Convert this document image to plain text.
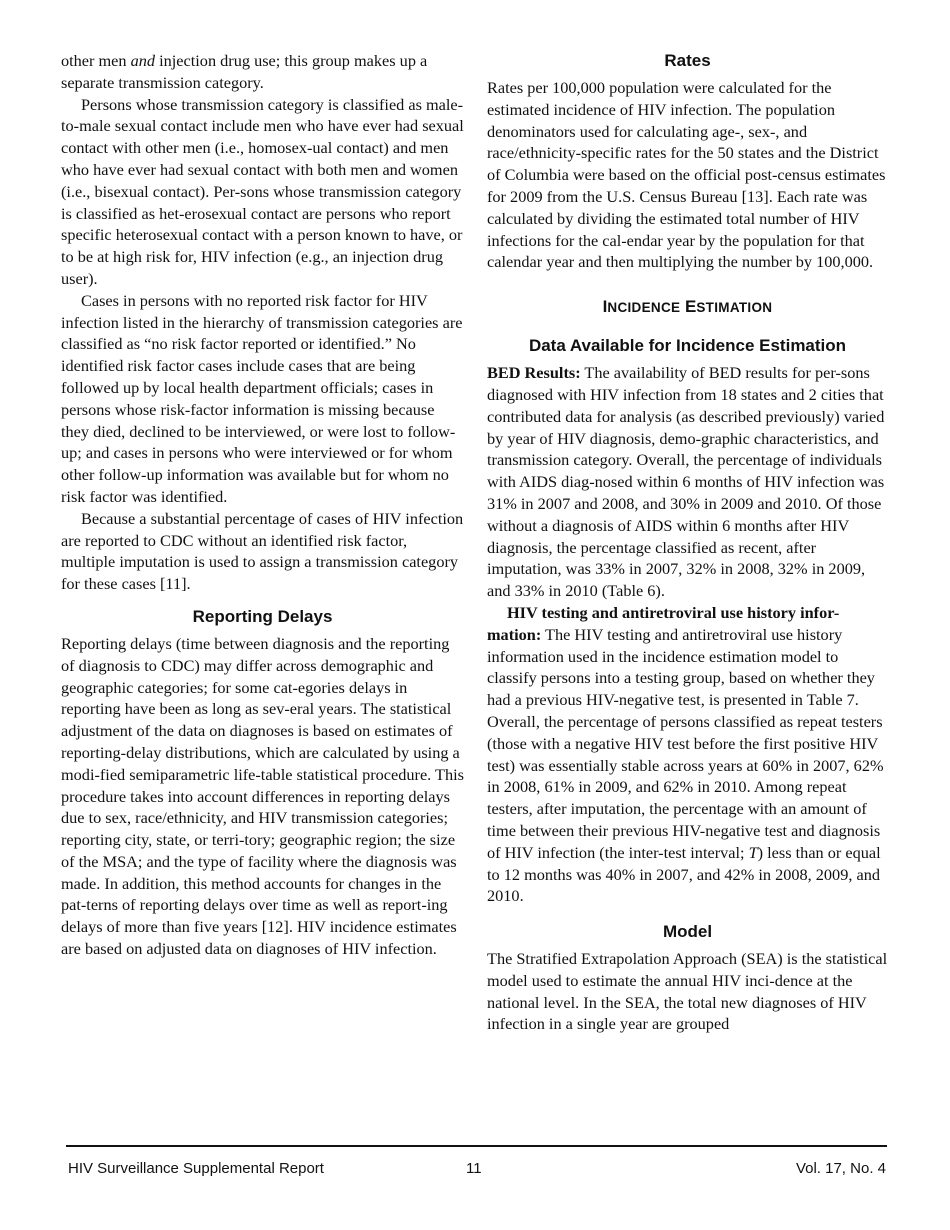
other men and injection drug use; this group makes up a separate transmission category.

Persons whose transmission category is classified as male-to-male sexual contact include men who have ever had sexual contact with other men (i.e., homosex-ual contact) and men who have ever had sexual contact with both men and women (i.e., bisexual contact). Per-sons whose transmission category is classified as het-erosexual contact are persons who report specific heterosexual contact with a person known to have, or to be at high risk for, HIV infection (e.g., an injection drug user).

Cases in persons with no reported risk factor for HIV infection listed in the hierarchy of transmission categories are classified as “no risk factor reported or identified.” No identified risk factor cases include cases that are being followed up by local health department officials; cases in persons whose risk-factor information is missing because they died, declined to be interviewed, or were lost to follow-up; and cases in persons who were interviewed or for whom other follow-up information was available but for whom no risk factor was identified.

Because a substantial percentage of cases of HIV infection are reported to CDC without an identified risk factor, multiple imputation is used to assign a transmission category for these cases [11].

Reporting Delays

Reporting delays (time between diagnosis and the reporting of diagnosis to CDC) may differ across demographic and geographic categories; for some cat-egories delays in reporting have been as long as sev-eral years. The statistical adjustment of the data on diagnoses is based on estimates of reporting-delay distributions, which are calculated by using a modi-fied semiparametric life-table statistical procedure. This procedure takes into account differences in reporting delays due to sex, race/ethnicity, and HIV transmission categories; reporting city, state, or terri-tory; geographic region; the size of the MSA; and the type of facility where the diagnosis was made. In addition, this method accounts for changes in the pat-terns of reporting delays over time as well as report-ing delays of more than five years [12]. HIV incidence estimates are based on adjusted data on diagnoses of HIV infection.

Rates

Rates per 100,000 population were calculated for the estimated incidence of HIV infection. The population denominators used for calculating age-, sex-, and race/ethnicity-specific rates for the 50 states and the District of Columbia were based on the official post-census estimates for 2009 from the U.S. Census Bureau [13]. Each rate was calculated by dividing the estimated total number of HIV infections for the cal-endar year by the population for that calendar year and then multiplying the number by 100,000.

INCIDENCE ESTIMATION
Data Available for Incidence Estimation

BED Results: The availability of BED results for per-sons diagnosed with HIV infection from 18 states and 2 cities that contributed data for analysis (as described previously) varied by year of HIV diagnosis, demo-graphic characteristics, and transmission category. Overall, the percentage of individuals with AIDS diag-nosed within 6 months of HIV infection was 31% in 2007 and 2008, and 30% in 2009 and 2010. Of those without a diagnosis of AIDS within 6 months after HIV diagnosis, the percentage classified as recent, after imputation, was 33% in 2007, 32% in 2008, 32% in 2009, and 33% in 2010 (Table 6).

HIV testing and antiretroviral use history infor-mation: The HIV testing and antiretroviral use history information used in the incidence estimation model to classify persons into a testing group, based on whether they had a previous HIV-negative test, is presented in Table 7. Overall, the percentage of persons classified as repeat testers (those with a negative HIV test before the first positive HIV test) was essentially stable across years at 60% in 2007, 62% in 2008, 61% in 2009, and 62% in 2010. Among repeat testers, after imputation, the percentage with an amount of time between their previous HIV-negative test and diagnosis of HIV infection (the inter-test interval; T) less than or equal to 12 months was 40% in 2007, and 42% in 2008, 2009, and 2010.

Model

The Stratified Extrapolation Approach (SEA) is the statistical model used to estimate the annual HIV inci-dence at the national level. In the SEA, the total new diagnoses of HIV infection in a single year are grouped

HIV Surveillance Supplemental Report	11	Vol. 17, No. 4
